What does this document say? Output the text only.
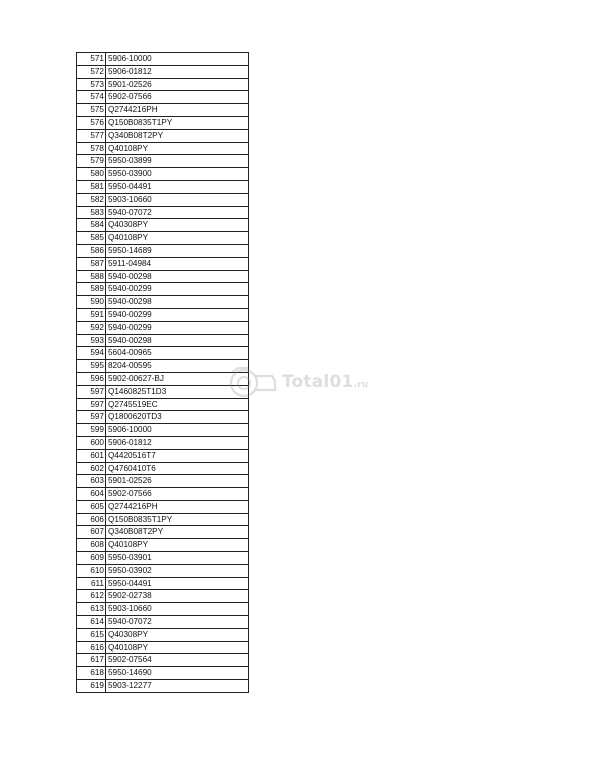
571	5906-10000
572	5906-01812
573	5901-02526
574	5902-07566
575	Q2744216PH
576	Q150B0835T1PY
577	Q340B08T2PY
578	Q40108PY
579	5950-03899
580	5950-03900
581	5950-04491
582	5903-10660
583	5940-07072
584	Q40308PY
585	Q40108PY
586	5950-14689
587	5911-04984
588	5940-00298
589	5940-00299
590	5940-00298
591	5940-00299
592	5940-00299
593	5940-00298
594	5604-00965
595	8204-00595
596	5902-00627-BJ
597	Q1460825T1D3
597	Q2745519EC
597	Q1800620TD3
599	5906-10000
600	5906-01812
601	Q4420516T7
602	Q4760410T6
603	5901-02526
604	5902-07566
605	Q2744216PH
606	Q150B0835T1PY
607	Q340B08T2PY
608	Q40108PY
609	5950-03901
610	5950-03902
611	5950-04491
612	5902-02738
613	5903-10660
614	5940-07072
615	Q40308PY
616	Q40108PY
617	5902-07564
618	5950-14690
619	5903-12277
Total01.ru
